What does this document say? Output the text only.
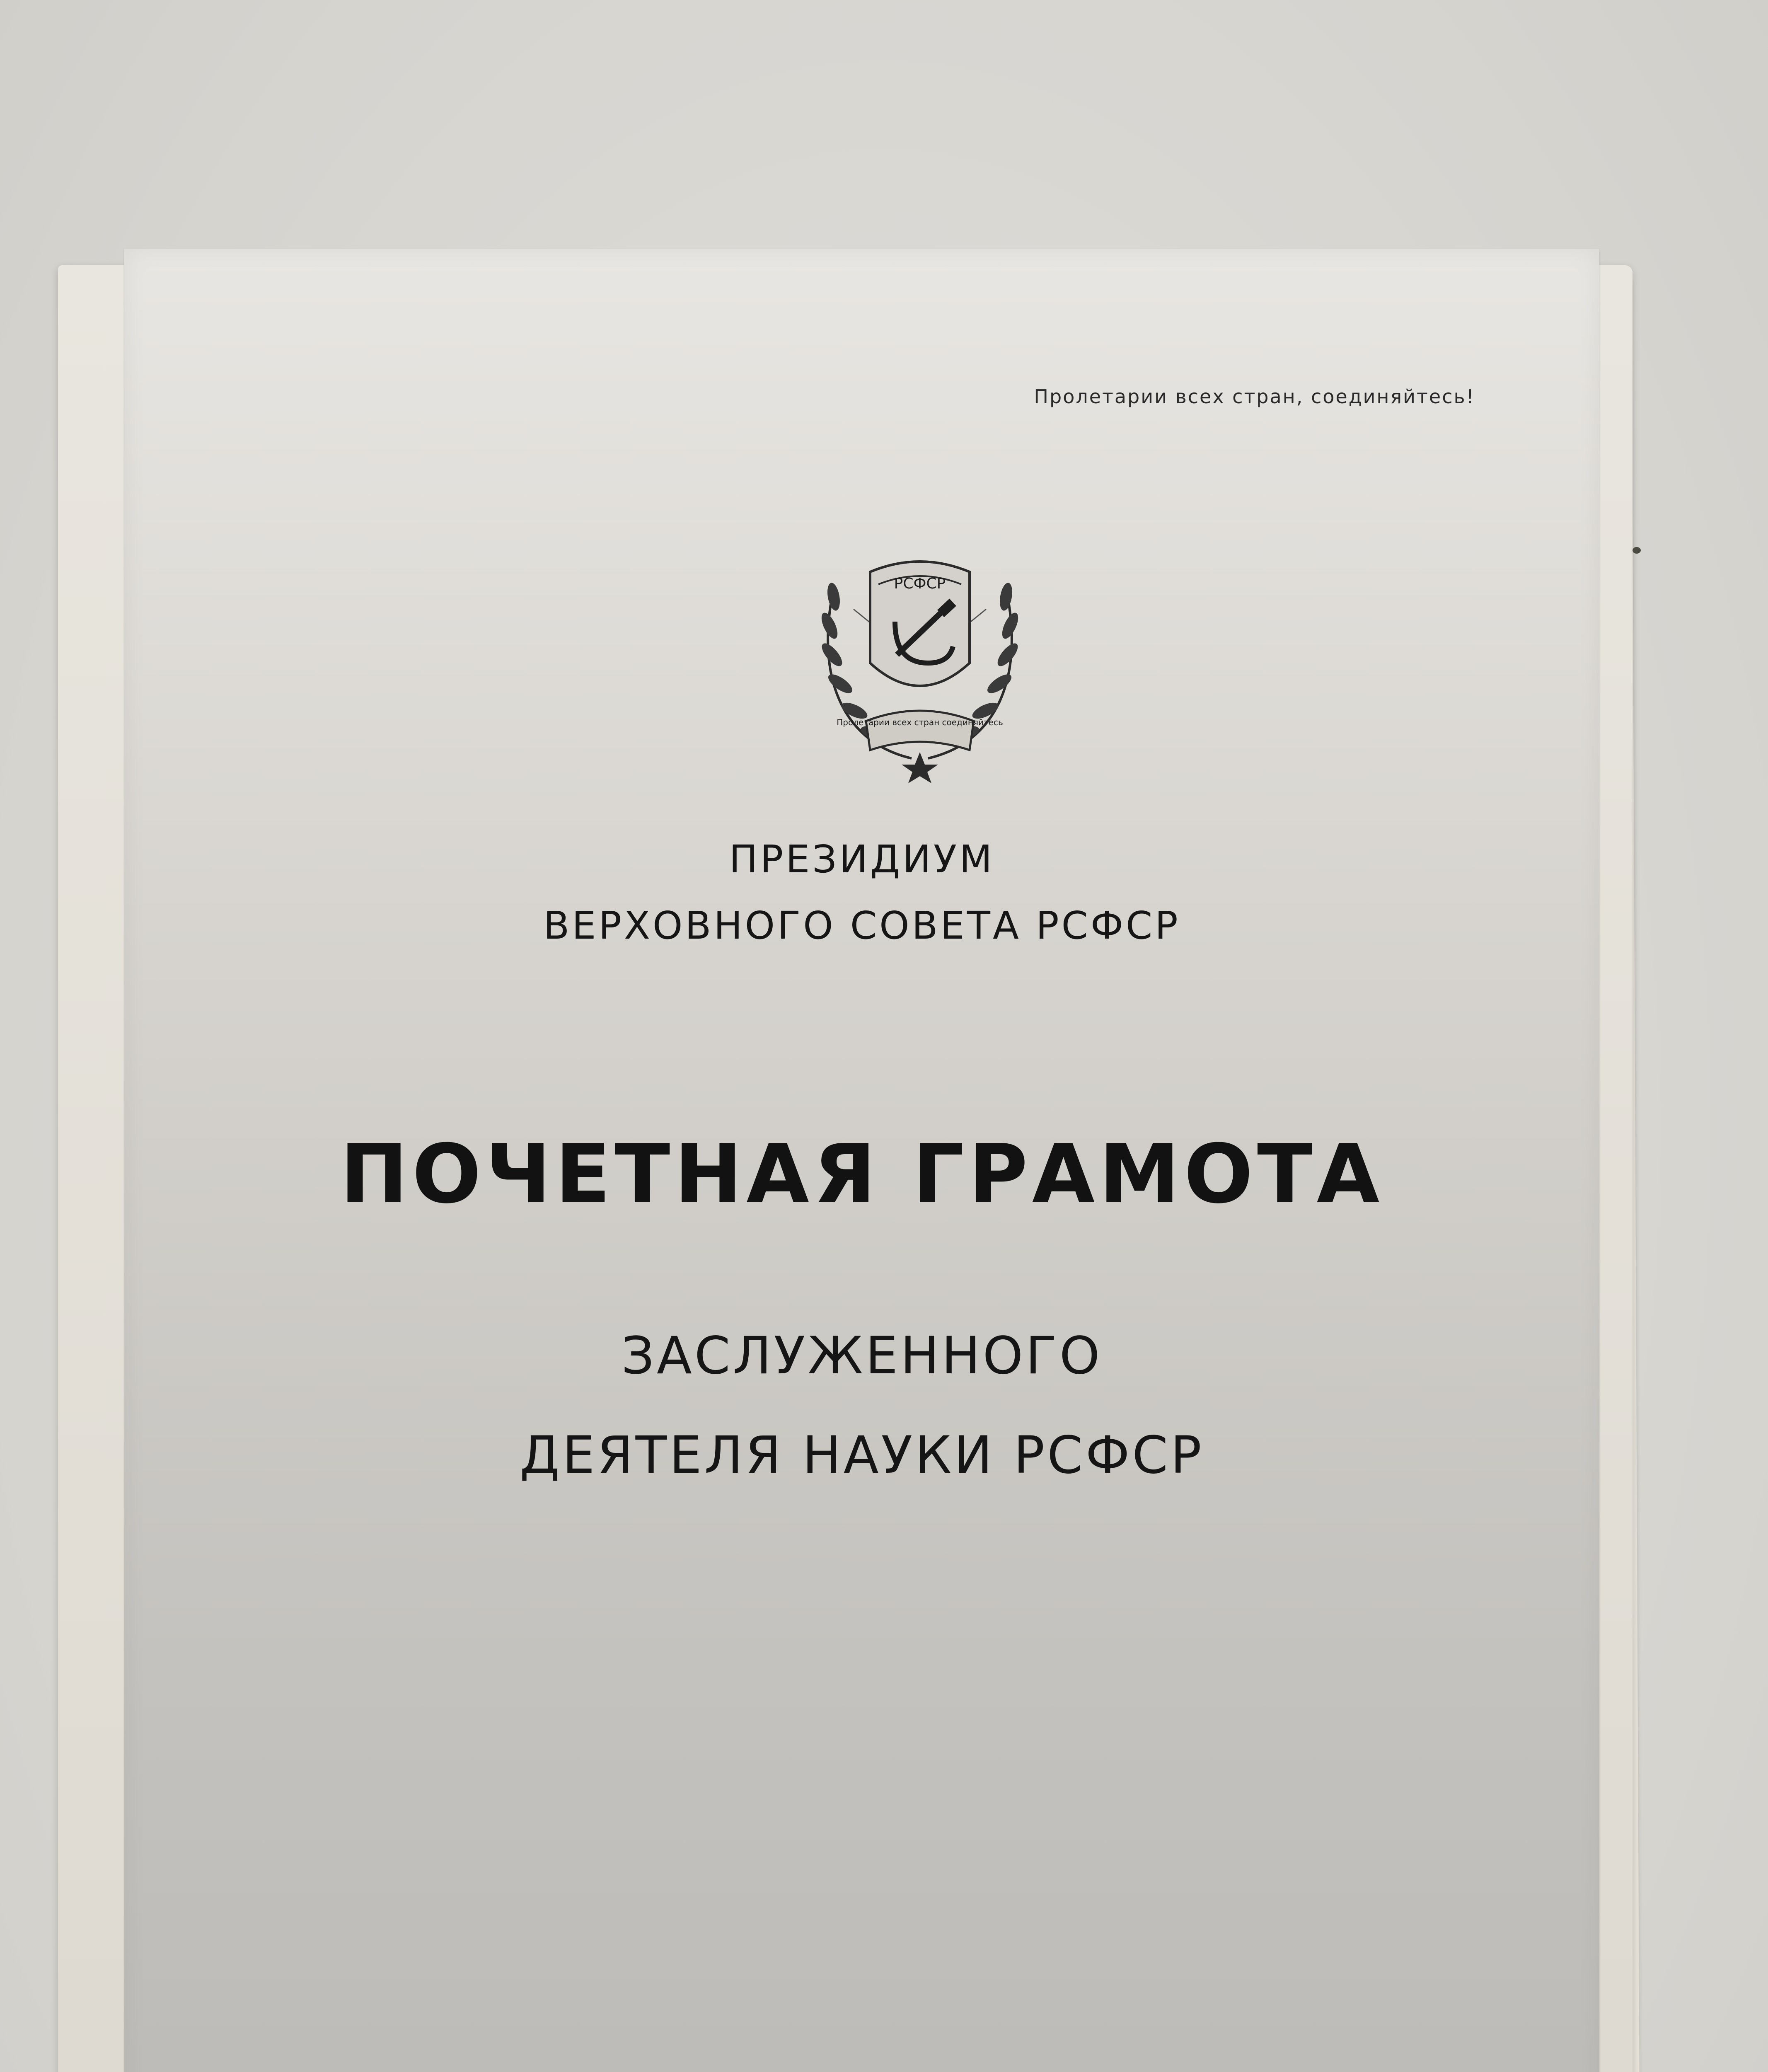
Пролетарии всех стран, соединяйтесь!
РСФСР
Пролетарии всех стран соединяйтесь
ПРЕЗИДИУМ
ВЕРХОВНОГО СОВЕТА РСФСР
ПОЧЕТНАЯ ГРАМОТА
ЗАСЛУЖЕННОГО
ДЕЯТЕЛЯ НАУКИ РСФСР
